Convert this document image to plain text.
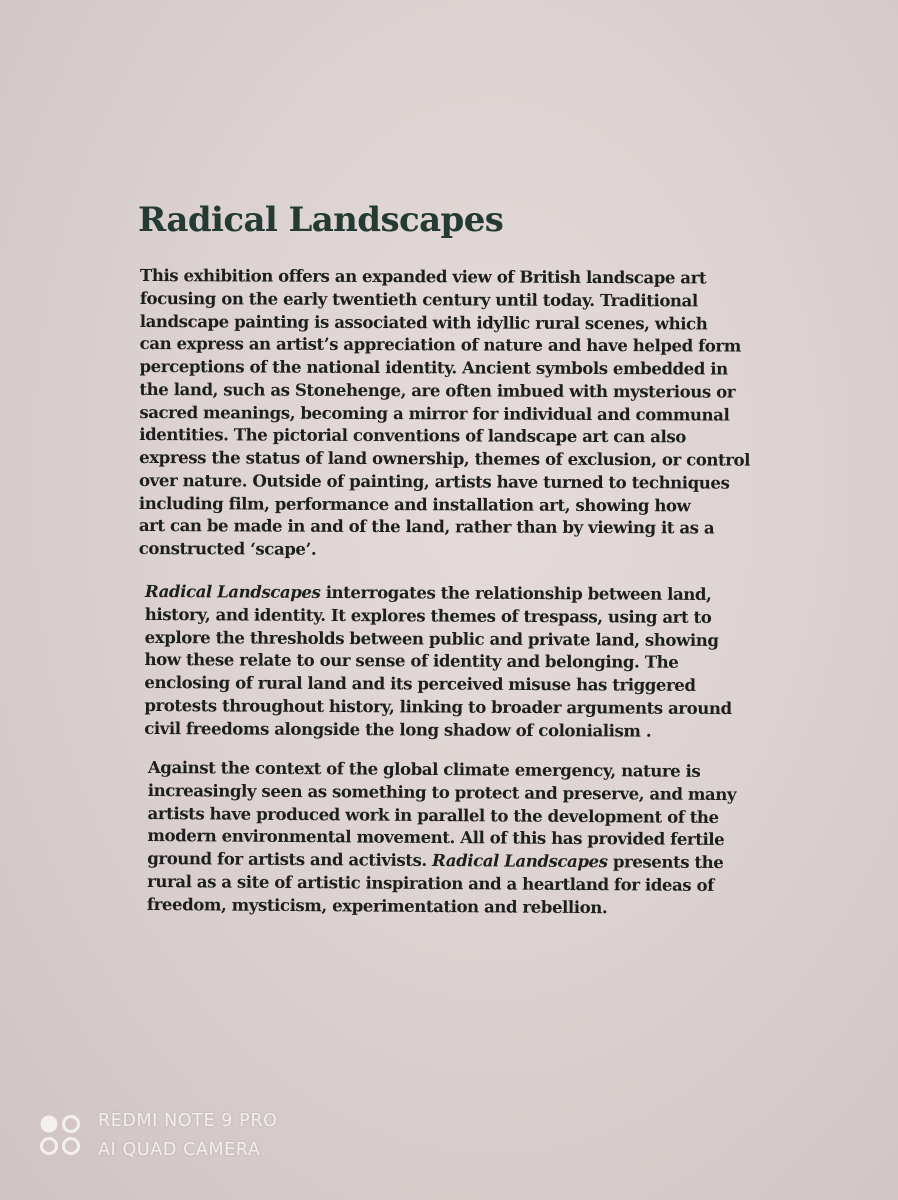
Radical Landscapes

This exhibition offers an expanded view of British landscape art
focusing on the early twentieth century until today. Traditional
landscape painting is associated with idyllic rural scenes, which
can express an artist’s appreciation of nature and have helped form
perceptions of the national identity. Ancient symbols embedded in
the land, such as Stonehenge, are often imbued with mysterious or
sacred meanings, becoming a mirror for individual and communal
identities. The pictorial conventions of landscape art can also
express the status of land ownership, themes of exclusion, or control
over nature. Outside of painting, artists have turned to techniques
including film, performance and installation art, showing how
art can be made in and of the land, rather than by viewing it as a
constructed ‘scape’.

Radical Landscapes interrogates the relationship between land,
history, and identity. It explores themes of trespass, using art to
explore the thresholds between public and private land, showing
how these relate to our sense of identity and belonging. The
enclosing of rural land and its perceived misuse has triggered
protests throughout history, linking to broader arguments around
civil freedoms alongside the long shadow of colonialism .

Against the context of the global climate emergency, nature is
increasingly seen as something to protect and preserve, and many
artists have produced work in parallel to the development of the
modern environmental movement. All of this has provided fertile
ground for artists and activists. Radical Landscapes presents the
rural as a site of artistic inspiration and a heartland for ideas of
freedom, mysticism, experimentation and rebellion.

REDMI NOTE 9 PRO
AI QUAD CAMERA
